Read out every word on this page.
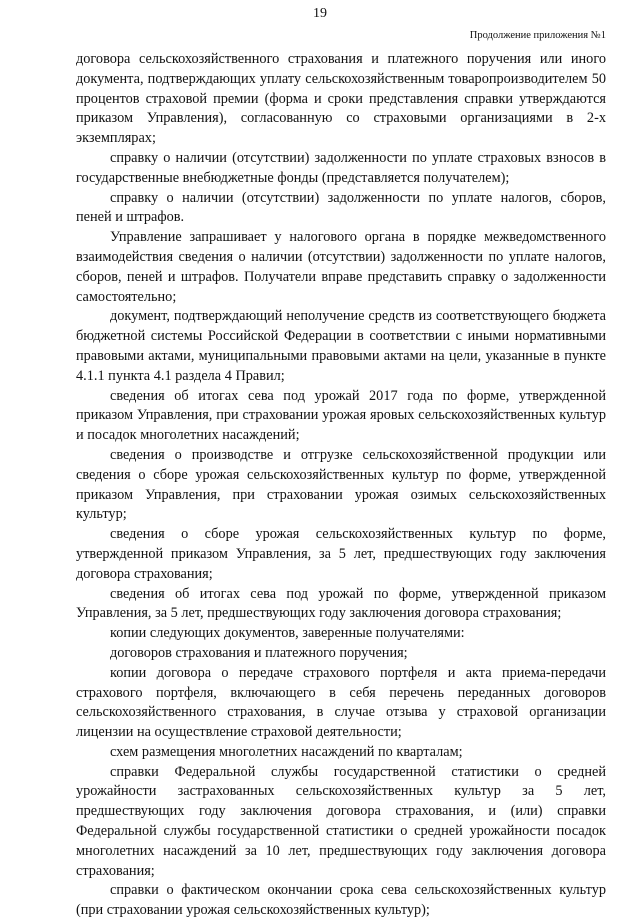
19
Продолжение приложения №1

договора сельскохозяйственного страхования и платежного поручения или иного документа, подтверждающих уплату сельскохозяйственным товаропроизводителем 50 процентов страховой премии (форма и сроки представления справки утверждаются приказом Управления), согласованную со страховыми организациями в 2-х экземплярах;

справку о наличии (отсутствии) задолженности по уплате страховых взносов в государственные внебюджетные фонды (представляется получателем);

справку о наличии (отсутствии) задолженности по уплате налогов, сборов, пеней и штрафов.

Управление запрашивает у налогового органа в порядке межведомственного взаимодействия сведения о наличии (отсутствии) задолженности по уплате налогов, сборов, пеней и штрафов. Получатели вправе представить справку о задолженности самостоятельно;

документ, подтверждающий неполучение средств из соответствующего бюджета бюджетной системы Российской Федерации в соответствии с иными нормативными правовыми актами, муниципальными правовыми актами на цели, указанные в пункте 4.1.1 пункта 4.1 раздела 4 Правил;

сведения об итогах сева под урожай 2017 года по форме, утвержденной приказом Управления, при страховании урожая яровых сельскохозяйственных культур и посадок многолетних насаждений;

сведения о производстве и отгрузке сельскохозяйственной продукции или сведения о сборе урожая сельскохозяйственных культур по форме, утвержденной приказом Управления, при страховании урожая озимых сельскохозяйственных культур;

сведения о сборе урожая сельскохозяйственных культур по форме, утвержденной приказом Управления, за 5 лет, предшествующих году заключения договора страхования;

сведения об итогах сева под урожай по форме, утвержденной приказом Управления, за 5 лет, предшествующих году заключения договора страхования;

копии следующих документов, заверенные получателями:

договоров страхования и платежного поручения;

копии договора о передаче страхового портфеля и акта приема-передачи страхового портфеля, включающего в себя перечень переданных договоров сельскохозяйственного страхования, в случае отзыва у страховой организации лицензии на осуществление страховой деятельности;

схем размещения многолетних насаждений по кварталам;

справки Федеральной службы государственной статистики о средней урожайности застрахованных сельскохозяйственных культур за 5 лет, предшествующих году заключения договора страхования, и (или) справки Федеральной службы государственной статистики о средней урожайности посадок многолетних насаждений за 10 лет, предшествующих году заключения договора страхования;

справки о фактическом окончании срока сева сельскохозяйственных культур (при страховании урожая сельскохозяйственных культур);
